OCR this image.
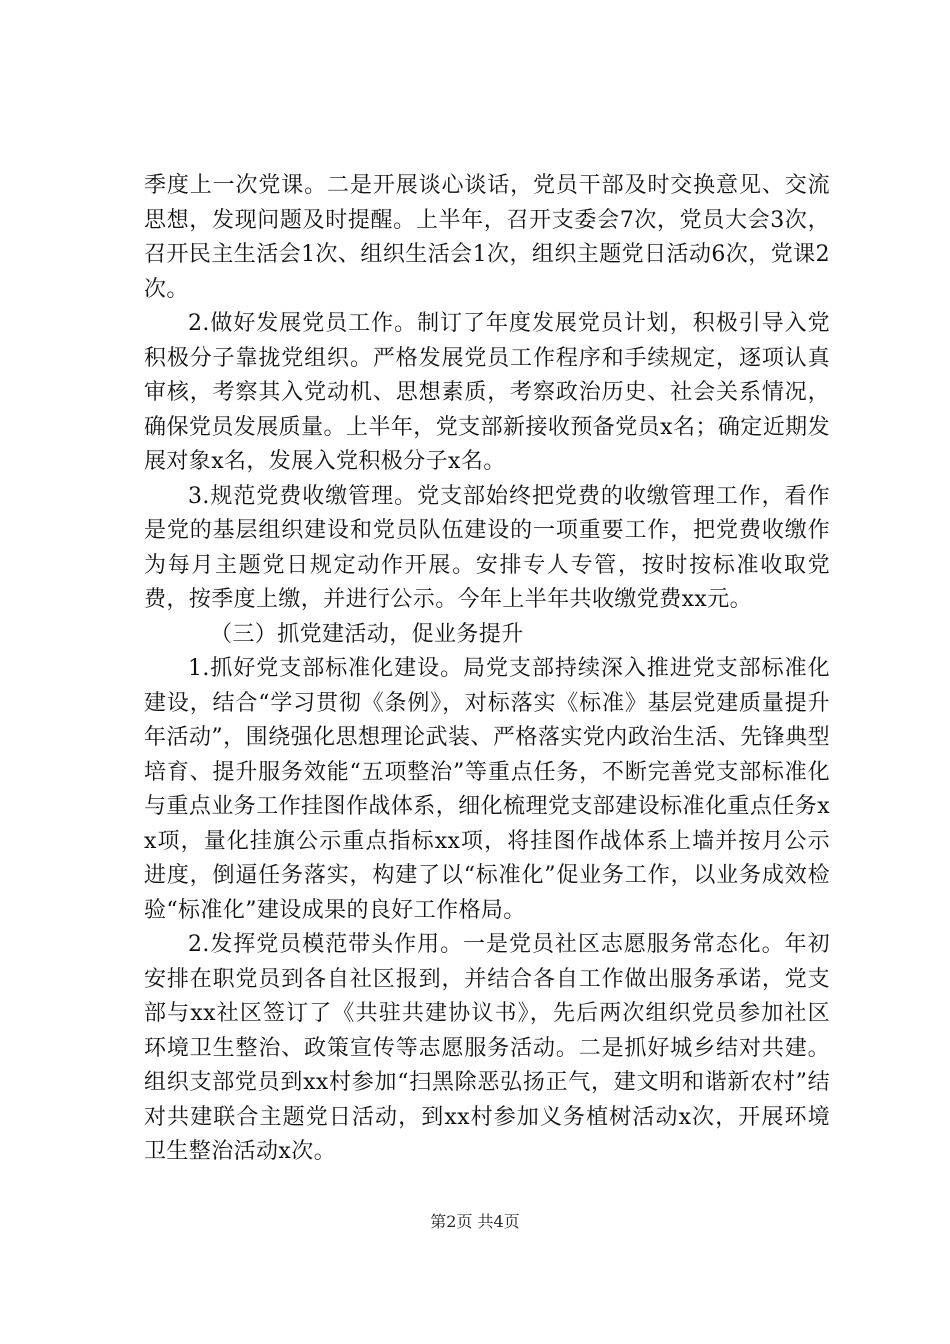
季度上一次党课。二是开展谈心谈话，党员干部及时交换意见、交流思想，发现问题及时提醒。上半年，召开支委会7次，党员大会3次，召开民主生活会1次、组织生活会1次，组织主题党日活动6次，党课2次。

2.做好发展党员工作。制订了年度发展党员计划，积极引导入党积极分子靠拢党组织。严格发展党员工作程序和手续规定，逐项认真审核，考察其入党动机、思想素质，考察政治历史、社会关系情况，确保党员发展质量。上半年，党支部新接收预备党员x名；确定近期发展对象x名，发展入党积极分子x名。

3.规范党费收缴管理。党支部始终把党费的收缴管理工作，看作是党的基层组织建设和党员队伍建设的一项重要工作，把党费收缴作为每月主题党日规定动作开展。安排专人专管，按时按标准收取党费，按季度上缴，并进行公示。今年上半年共收缴党费xx元。

（三）抓党建活动，促业务提升

1.抓好党支部标准化建设。局党支部持续深入推进党支部标准化建设，结合“学习贯彻《条例》，对标落实《标准》基层党建质量提升年活动”，围绕强化思想理论武装、严格落实党内政治生活、先锋典型培育、提升服务效能“五项整治”等重点任务，不断完善党支部标准化与重点业务工作挂图作战体系，细化梳理党支部建设标准化重点任务xx项，量化挂旗公示重点指标xx项，将挂图作战体系上墙并按月公示进度，倒逼任务落实，构建了以“标准化”促业务工作，以业务成效检验“标准化”建设成果的良好工作格局。

2.发挥党员模范带头作用。一是党员社区志愿服务常态化。年初安排在职党员到各自社区报到，并结合各自工作做出服务承诺，党支部与xx社区签订了《共驻共建协议书》，先后两次组织党员参加社区环境卫生整治、政策宣传等志愿服务活动。二是抓好城乡结对共建。组织支部党员到xx村参加“扫黑除恶弘扬正气，建文明和谐新农村”结对共建联合主题党日活动，到xx村参加义务植树活动x次，开展环境卫生整治活动x次。

第2页 共4页
